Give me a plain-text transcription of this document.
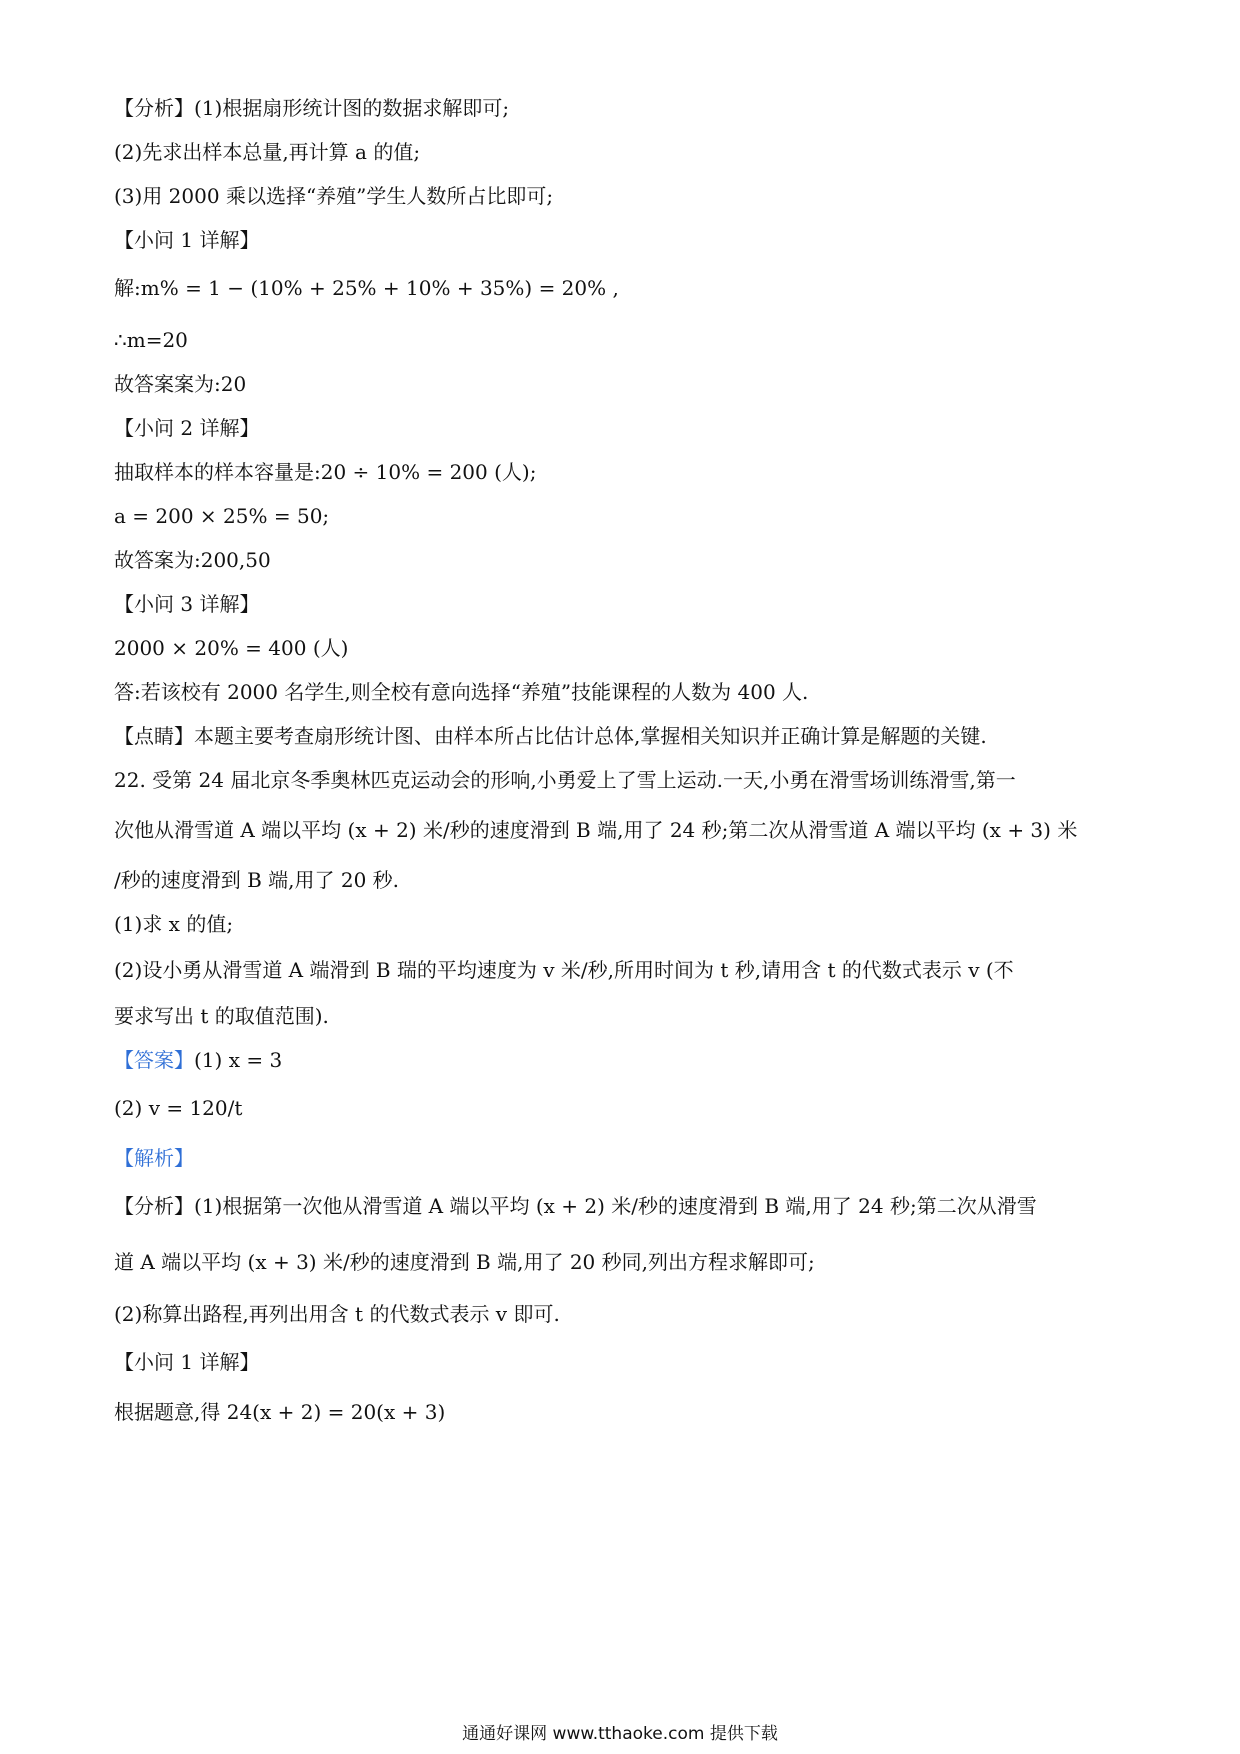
【分析】(1)根据扇形统计图的数据求解即可;
(2)先求出样本总量,再计算 a 的值;
(3)用 2000 乘以选择“养殖”学生人数所占比即可;
【小问 1 详解】
解:m% = 1 − (10% + 25% + 10% + 35%) = 20% ,
∴m=20
故答案案为:20
【小问 2 详解】
抽取样本的样本容量是:20 ÷ 10% = 200 (人);
a = 200 × 25% = 50;
故答案为:200,50
【小问 3 详解】
2000 × 20% = 400 (人)
答:若该校有 2000 名学生,则全校有意向选择“养殖”技能课程的人数为 400 人.
【点睛】本题主要考查扇形统计图、由样本所占比估计总体,掌握相关知识并正确计算是解题的关键.
22. 受第 24 届北京冬季奥林匹克运动会的形响,小勇爱上了雪上运动.一天,小勇在滑雪场训练滑雪,第一
次他从滑雪道 A 端以平均 (x + 2) 米/秒的速度滑到 B 端,用了 24 秒;第二次从滑雪道 A 端以平均 (x + 3) 米
/秒的速度滑到 B 端,用了 20 秒.
(1)求 x 的值;
(2)设小勇从滑雪道 A 端滑到 B 瑞的平均速度为 v 米/秒,所用时间为 t 秒,请用含 t 的代数式表示 v (不
要求写出 t 的取值范围).
【答案】(1) x = 3
(2) v = 120/t
【解析】
【分析】(1)根据第一次他从滑雪道 A 端以平均 (x + 2) 米/秒的速度滑到 B 端,用了 24 秒;第二次从滑雪
道 A 端以平均 (x + 3) 米/秒的速度滑到 B 端,用了 20 秒同,列出方程求解即可;
(2)称算出路程,再列出用含 t 的代数式表示 v 即可.
【小问 1 详解】
根据题意,得 24(x + 2) = 20(x + 3)
通通好课网 www.tthaoke.com 提供下载
